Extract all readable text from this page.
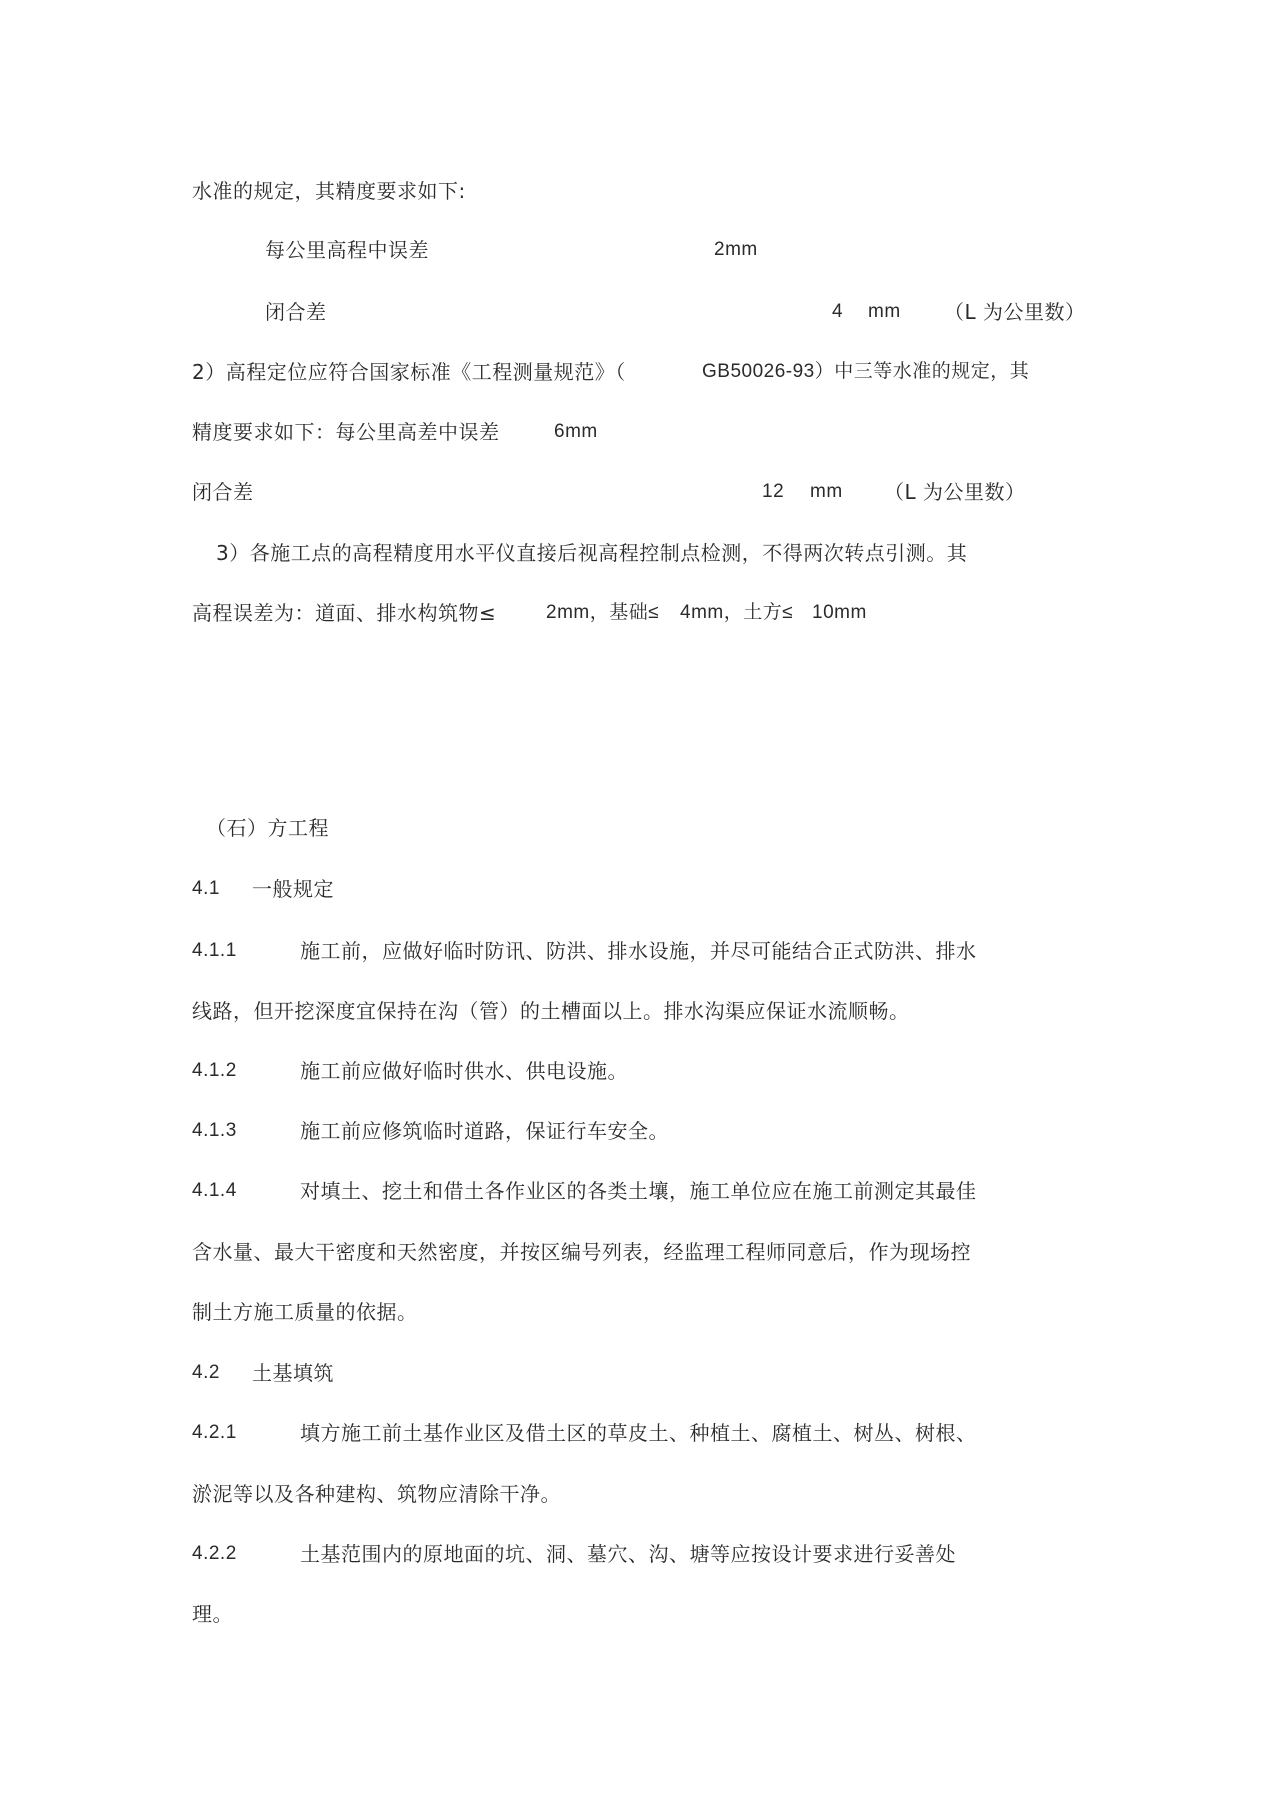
水准的规定，其精度要求如下:
每公里高程中误差	2mm
闭合差	4 mm （L 为公里数）
2）高程定位应符合国家标准《工程测量规范》（	GB50026-93）中三等水准的规定，其
精度要求如下：每公里高差中误差	6mm
闭合差	12 mm （L 为公里数）
3）各施工点的高程精度用水平仪直接后视高程控制点检测，不得两次转点引测。其
高程误差为：道面、排水构筑物≤	2mm，基础≤ 4mm，土方≤ 10mm
（石）方工程
4.1 一般规定
4.1.1	施工前，应做好临时防讯、防洪、排水设施，并尽可能结合正式防洪、排水
线路，但开挖深度宜保持在沟（管）的土槽面以上。排水沟渠应保证水流顺畅。
4.1.2	施工前应做好临时供水、供电设施。
4.1.3	施工前应修筑临时道路，保证行车安全。
4.1.4	对填土、挖土和借土各作业区的各类土壤，施工单位应在施工前测定其最佳
含水量、最大干密度和天然密度，并按区编号列表，经监理工程师同意后，作为现场控
制土方施工质量的依据。
4.2 土基填筑
4.2.1	填方施工前土基作业区及借土区的草皮土、种植土、腐植土、树丛、树根、
淤泥等以及各种建构、筑物应清除干净。
4.2.2	土基范围内的原地面的坑、洞、墓穴、沟、塘等应按设计要求进行妥善处
理。
